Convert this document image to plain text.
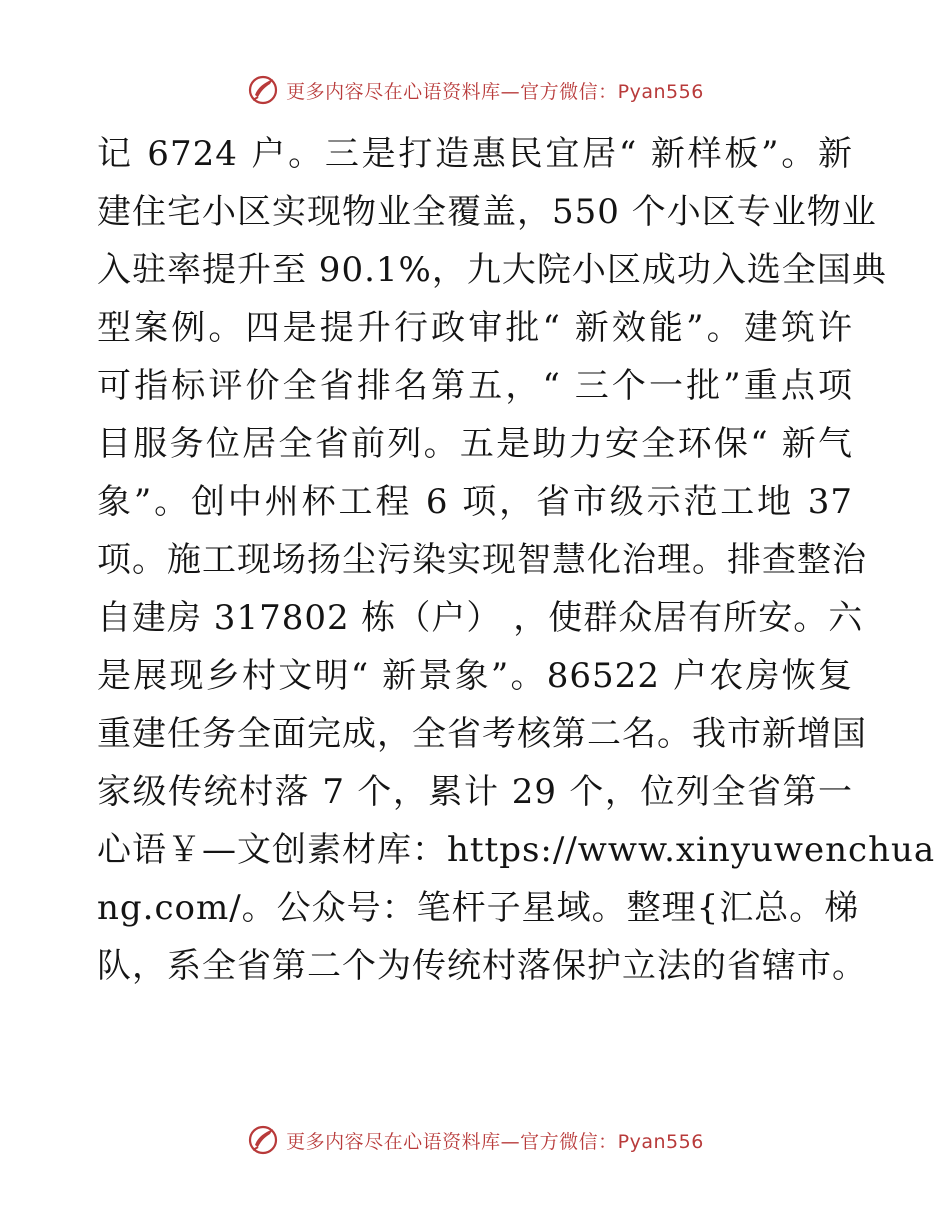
更多内容尽在心语资料库—官方微信：Pyan556
记 6724 户。三是打造惠民宜居“ 新样板”。新
建住宅小区实现物业全覆盖，550 个小区专业物业
入驻率提升至 90.1%，九大院小区成功入选全国典
型案例。四是提升行政审批“ 新效能”。建筑许
可指标评价全省排名第五，“ 三个一批”重点项
目服务位居全省前列。五是助力安全环保“ 新气
象”。创中州杯工程 6 项，省市级示范工地 37
项。施工现场扬尘污染实现智慧化治理。排查整治
自建房 317802 栋（户） ，使群众居有所安。六
是展现乡村文明“ 新景象”。86522 户农房恢复
重建任务全面完成，全省考核第二名。我市新增国
家级传统村落 7 个，累计 29 个，位列全省第一
心语￥—文创素材库：https://www.xinyuwenchua
ng.com/。公众号：笔杆子星域。整理{汇总。梯
队，系全省第二个为传统村落保护立法的省辖市。
更多内容尽在心语资料库—官方微信：Pyan556
